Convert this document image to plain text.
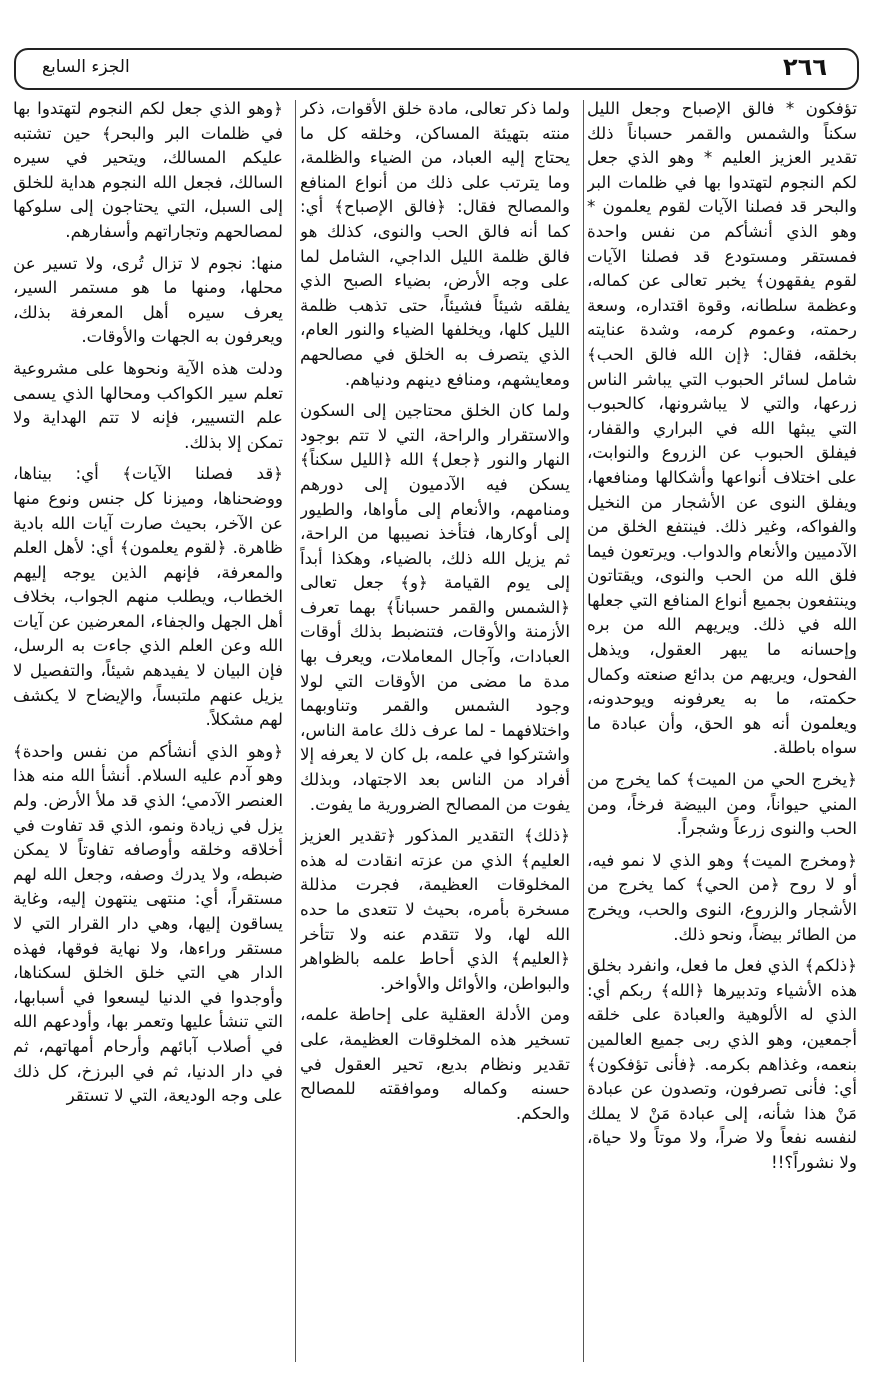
٢٦٦
الجزء السابع

تؤفكون * فالق الإصباح وجعل الليل سكناً والشمس والقمر حسباناً ذلك تقدير العزيز العليم * وهو الذي جعل لكم النجوم لتهتدوا بها في ظلمات البر والبحر قد فصلنا الآيات لقوم يعلمون * وهو الذي أنشأكم من نفس واحدة فمستقر ومستودع قد فصلنا الآيات لقوم يفقهون﴾ يخبر تعالى عن كماله، وعظمة سلطانه، وقوة اقتداره، وسعة رحمته، وعموم كرمه، وشدة عنايته بخلقه، فقال: ﴿إن الله فالق الحب﴾ شامل لسائر الحبوب التي يباشر الناس زرعها، والتي لا يباشرونها، كالحبوب التي يبثها الله في البراري والقفار، فيفلق الحبوب عن الزروع والنوابت، على اختلاف أنواعها وأشكالها ومنافعها، ويفلق النوى عن الأشجار من النخيل والفواكه، وغير ذلك. فينتفع الخلق من الآدميين والأنعام والدواب. ويرتعون فيما فلق الله من الحب والنوى، ويقتاتون وينتفعون بجميع أنواع المنافع التي جعلها الله في ذلك. ويريهم الله من بره وإحسانه ما يبهر العقول، ويذهل الفحول، ويريهم من بدائع صنعته وكمال حكمته، ما به يعرفونه ويوحدونه، ويعلمون أنه هو الحق، وأن عبادة ما سواه باطلة.

﴿يخرج الحي من الميت﴾ كما يخرج من المني حيواناً، ومن البيضة فرخاً، ومن الحب والنوى زرعاً وشجراً.

﴿ومخرج الميت﴾ وهو الذي لا نمو فيه، أو لا روح ﴿من الحي﴾ كما يخرج من الأشجار والزروع، النوى والحب، ويخرج من الطائر بيضاً، ونحو ذلك.

﴿ذلكم﴾ الذي فعل ما فعل، وانفرد بخلق هذه الأشياء وتدبيرها ﴿الله﴾ ربكم أي: الذي له الألوهية والعبادة على خلقه أجمعين، وهو الذي ربى جميع العالمين بنعمه، وغذاهم بكرمه. ﴿فأنى تؤفكون﴾ أي: فأنى تصرفون، وتصدون عن عبادة مَنْ هذا شأنه، إلى عبادة مَنْ لا يملك لنفسه نفعاً ولا ضراً، ولا موتاً ولا حياة، ولا نشوراً؟!!

ولما ذكر تعالى، مادة خلق الأقوات، ذكر منته بتهيئة المساكن، وخلقه كل ما يحتاج إليه العباد، من الضياء والظلمة، وما يترتب على ذلك من أنواع المنافع والمصالح فقال: ﴿فالق الإصباح﴾ أي: كما أنه فالق الحب والنوى، كذلك هو فالق ظلمة الليل الداجي، الشامل لما على وجه الأرض، بضياء الصبح الذي يفلقه شيئاً فشيئاً، حتى تذهب ظلمة الليل كلها، ويخلفها الضياء والنور العام، الذي يتصرف به الخلق في مصالحهم ومعايشهم، ومنافع دينهم ودنياهم.

ولما كان الخلق محتاجين إلى السكون والاستقرار والراحة، التي لا تتم بوجود النهار والنور ﴿جعل﴾ الله ﴿الليل سكناً﴾ يسكن فيه الآدميون إلى دورهم ومنامهم، والأنعام إلى مأواها، والطيور إلى أوكارها، فتأخذ نصيبها من الراحة، ثم يزيل الله ذلك، بالضياء، وهكذا أبداً إلى يوم القيامة ﴿و﴾ جعل تعالى ﴿الشمس والقمر حسباناً﴾ بهما تعرف الأزمنة والأوقات، فتنضبط بذلك أوقات العبادات، وآجال المعاملات، ويعرف بها مدة ما مضى من الأوقات التي لولا وجود الشمس والقمر وتناوبهما واختلافهما - لما عرف ذلك عامة الناس، واشتركوا في علمه، بل كان لا يعرفه إلا أفراد من الناس بعد الاجتهاد، وبذلك يفوت من المصالح الضرورية ما يفوت.

﴿ذلك﴾ التقدير المذكور ﴿تقدير العزيز العليم﴾ الذي من عزته انقادت له هذه المخلوقات العظيمة، فجرت مذللة مسخرة بأمره، بحيث لا تتعدى ما حده الله لها، ولا تتقدم عنه ولا تتأخر ﴿العليم﴾ الذي أحاط علمه بالظواهر والبواطن، والأوائل والأواخر.

ومن الأدلة العقلية على إحاطة علمه، تسخير هذه المخلوقات العظيمة، على تقدير ونظام بديع، تحير العقول في حسنه وكماله وموافقته للمصالح والحكم.

﴿وهو الذي جعل لكم النجوم لتهتدوا بها في ظلمات البر والبحر﴾ حين تشتبه عليكم المسالك، ويتحير في سيره السالك، فجعل الله النجوم هداية للخلق إلى السبل، التي يحتاجون إلى سلوكها لمصالحهم وتجاراتهم وأسفارهم.

منها: نجوم لا تزال تُرى، ولا تسير عن محلها، ومنها ما هو مستمر السير، يعرف سيره أهل المعرفة بذلك، ويعرفون به الجهات والأوقات.

ودلت هذه الآية ونحوها على مشروعية تعلم سير الكواكب ومحالها الذي يسمى علم التسيير، فإنه لا تتم الهداية ولا تمكن إلا بذلك.

﴿قد فصلنا الآيات﴾ أي: بيناها، ووضحناها، وميزنا كل جنس ونوع منها عن الآخر، بحيث صارت آيات الله بادية ظاهرة. ﴿لقوم يعلمون﴾ أي: لأهل العلم والمعرفة، فإنهم الذين يوجه إليهم الخطاب، ويطلب منهم الجواب، بخلاف أهل الجهل والجفاء، المعرضين عن آيات الله وعن العلم الذي جاءت به الرسل، فإن البيان لا يفيدهم شيئاً، والتفصيل لا يزيل عنهم ملتبساً، والإيضاح لا يكشف لهم مشكلاً.

﴿وهو الذي أنشأكم من نفس واحدة﴾ وهو آدم عليه السلام. أنشأ الله منه هذا العنصر الآدمي؛ الذي قد ملأ الأرض. ولم يزل في زيادة ونمو، الذي قد تفاوت في أخلاقه وخلقه وأوصافه تفاوتاً لا يمكن ضبطه، ولا يدرك وصفه، وجعل الله لهم مستقراً، أي: منتهى ينتهون إليه، وغاية يساقون إليها، وهي دار القرار التي لا مستقر وراءها، ولا نهاية فوقها، فهذه الدار هي التي خلق الخلق لسكناها، وأوجدوا في الدنيا ليسعوا في أسبابها، التي تنشأ عليها وتعمر بها، وأودعهم الله في أصلاب آبائهم وأرحام أمهاتهم، ثم في دار الدنيا، ثم في البرزخ، كل ذلك على وجه الوديعة، التي لا تستقر
